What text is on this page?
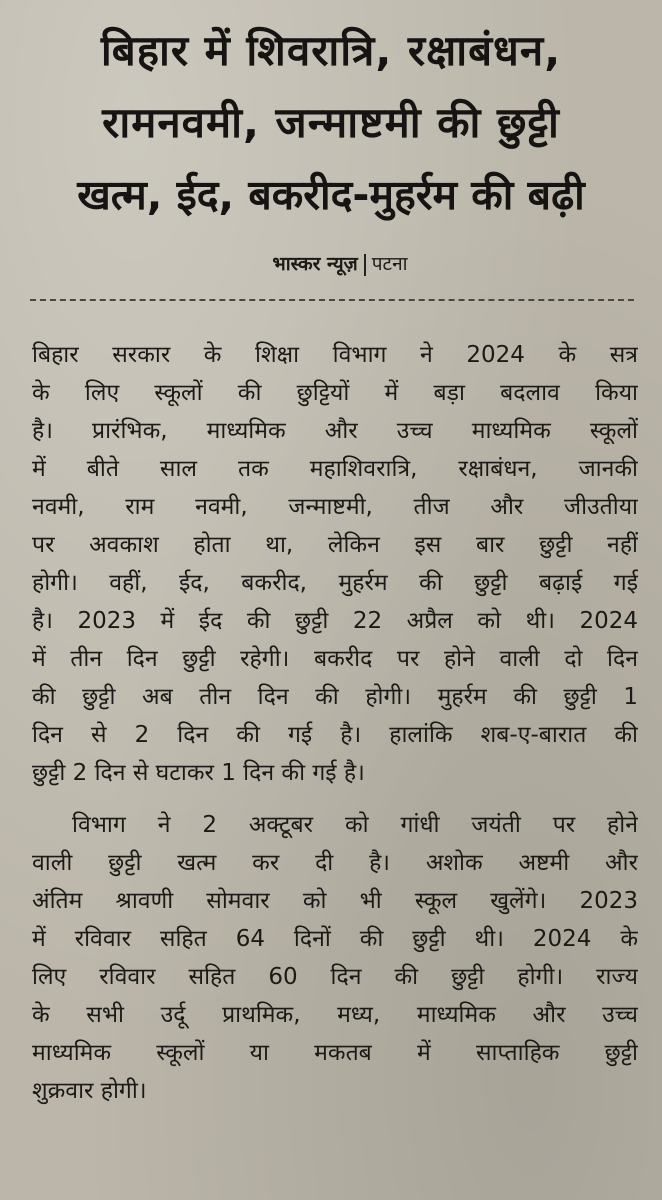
बिहार में शिवरात्रि, रक्षाबंधन,
रामनवमी, जन्माष्टमी की छुट्टी
खत्म, ईद, बकरीद-मुहर्रम की बढ़ी
भास्कर न्यूज़ पटना
बिहार सरकार के शिक्षा विभाग ने 2024 के सत्र
के लिए स्कूलों की छुट्टियों में बड़ा बदलाव किया
है। प्रारंभिक, माध्यमिक और उच्च माध्यमिक स्कूलों
में बीते साल तक महाशिवरात्रि, रक्षाबंधन, जानकी
नवमी, राम नवमी, जन्माष्टमी, तीज और जीउतीया
पर अवकाश होता था, लेकिन इस बार छुट्टी नहीं
होगी। वहीं, ईद, बकरीद, मुहर्रम की छुट्टी बढ़ाई गई
है। 2023 में ईद की छुट्टी 22 अप्रैल को थी। 2024
में तीन दिन छुट्टी रहेगी। बकरीद पर होने वाली दो दिन
की छुट्टी अब तीन दिन की होगी। मुहर्रम की छुट्टी 1
दिन से 2 दिन की गई है। हालांकि शब-ए-बारात की
छुट्टी 2 दिन से घटाकर 1 दिन की गई है।
विभाग ने 2 अक्टूबर को गांधी जयंती पर होने
वाली छुट्टी खत्म कर दी है। अशोक अष्टमी और
अंतिम श्रावणी सोमवार को भी स्कूल खुलेंगे। 2023
में रविवार सहित 64 दिनों की छुट्टी थी। 2024 के
लिए रविवार सहित 60 दिन की छुट्टी होगी। राज्य
के सभी उर्दू प्राथमिक, मध्य, माध्यमिक और उच्च
माध्यमिक स्कूलों या मकतब में साप्ताहिक छुट्टी
शुक्रवार होगी।
